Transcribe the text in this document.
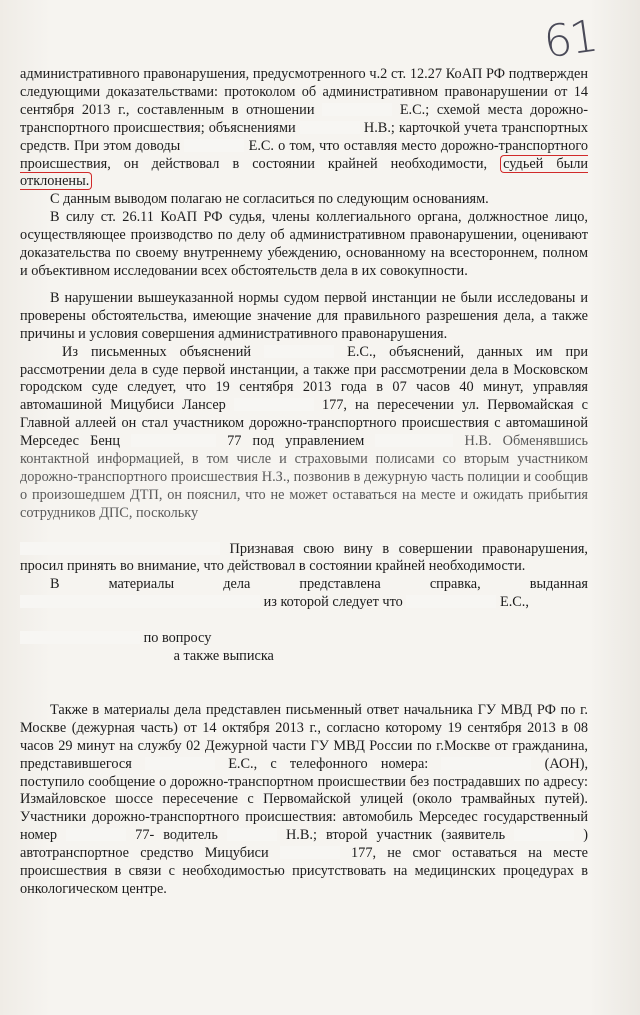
61

административного правонарушения, предусмотренного ч.2 ст. 12.27 КоАП РФ подтвержден следующими доказательствами: протоколом об административном правонарушении от 14 сентября 2013 г., составленным в отношении	Е.С.; схемой места дорожно-транспортного происшествия; объяснениями	Н.В.; карточкой учета транспортных средств. При этом доводы	Е.С. о том, что оставляя место дорожно-транспортного происшествия, он действовал в состоянии крайней необходимости, судьей были отклонены.

С данным выводом полагаю не согласиться по следующим основаниям.

В силу ст. 26.11 КоАП РФ судья, члены коллегиального органа, должностное лицо, осуществляющее производство по делу об административном правонарушении, оценивают доказательства по своему внутреннему убеждению, основанному на всестороннем, полном и объективном исследовании всех обстоятельств дела в их совокупности.

В нарушении вышеуказанной нормы судом первой инстанции не были исследованы и проверены обстоятельства, имеющие значение для правильного разрешения дела, а также причины и условия совершения административного правонарушения.

Из письменных объяснений	Е.С., объяснений, данных им при рассмотрении дела в суде первой инстанции, а также при рассмотрении дела в Московском городском суде следует, что 19 сентября 2013 года в 07 часов 40 минут, управляя автомашиной Мицубиси Лансер	177, на пересечении ул. Первомайская с Главной аллеей он стал участником дорожно-транспортного происшествия с автомашиной Мерседес Бенц	77 под управлением	Н.В. Обменявшись контактной информацией, в том числе и страховыми полисами со вторым участником дорожно-транспортного происшествия Н.З., позвонив в дежурную часть полиции и сообщив о произошедшем ДТП, он пояснил, что не может оставаться на месте и ожидать прибытия сотрудников ДПС, поскольку
Признавая свою вину в совершении правонарушения, просил принять во внимание, что действовал в состоянии крайней необходимости.

В материалы дела представлена справка, выданная  из которой следует что	Е.С.,
по вопросу
а также выписка

Также в материалы дела представлен письменный ответ начальника ГУ МВД РФ по г. Москве (дежурная часть) от 14 октября 2013 г., согласно которому 19 сентября 2013 в 08 часов 29 минут на службу 02 Дежурной части ГУ МВД России по г.Москве от гражданина, представившегося	Е.С., с телефонного номера:	(АОН), поступило сообщение о дорожно-транспортном происшествии без пострадавших по адресу: Измайловское шоссе пересечение с Первомайской улицей (около трамвайных путей). Участники дорожно-транспортного происшествия: автомобиль Мерседес государственный номер	77- водитель	Н.В.; второй участник (заявитель	) автотранспортное средство Мицубиси	177, не смог оставаться на месте происшествия в связи с необходимостью присутствовать на медицинских процедурах в онкологическом центре.
